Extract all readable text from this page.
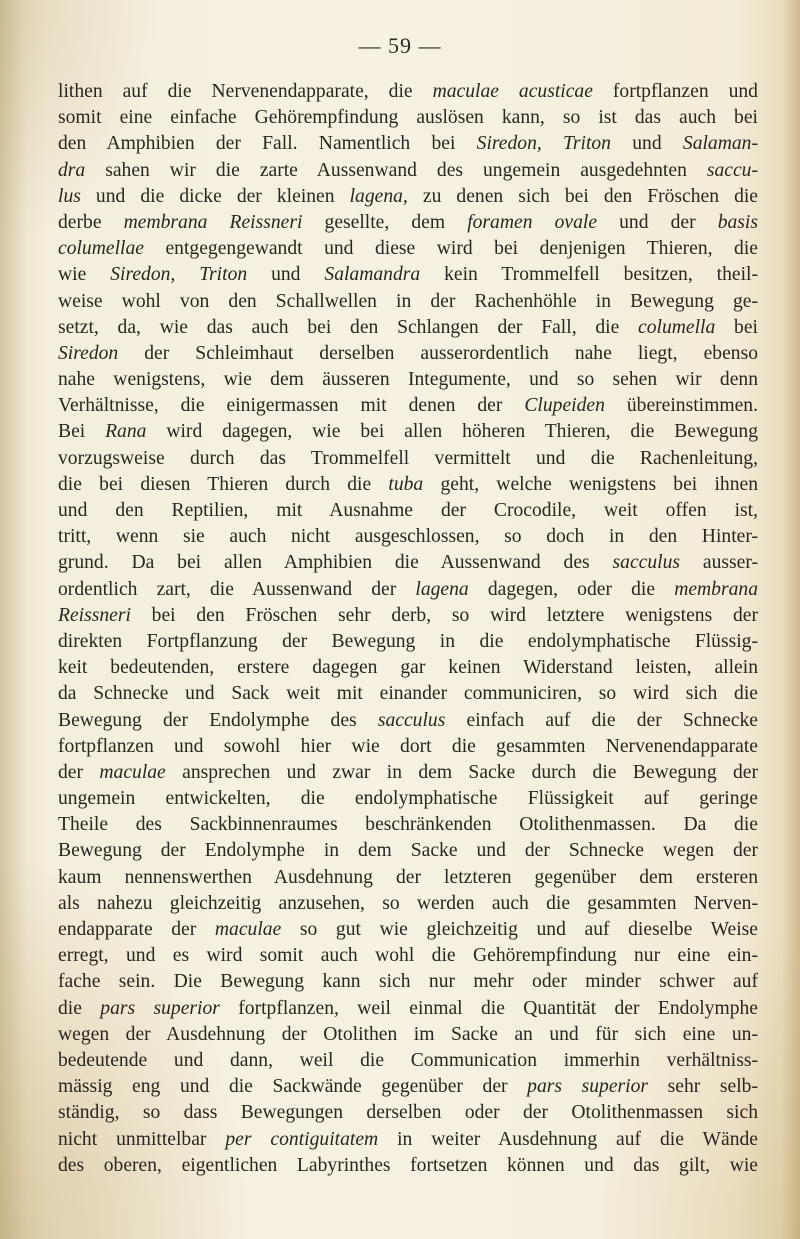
— 59 —
lithen auf die Nervenendapparate, die maculae acusticae fortpflanzen und
somit eine einfache Gehörempfindung auslösen kann, so ist das auch bei
den Amphibien der Fall. Namentlich bei Siredon, Triton und Salaman-
dra sahen wir die zarte Aussenwand des ungemein ausgedehnten saccu-
lus und die dicke der kleinen lagena, zu denen sich bei den Fröschen die
derbe membrana Reissneri gesellte, dem foramen ovale und der basis
columellae entgegengewandt und diese wird bei denjenigen Thieren, die
wie Siredon, Triton und Salamandra kein Trommelfell besitzen, theil-
weise wohl von den Schallwellen in der Rachenhöhle in Bewegung ge-
setzt, da, wie das auch bei den Schlangen der Fall, die columella bei
Siredon der Schleimhaut derselben ausserordentlich nahe liegt, ebenso
nahe wenigstens, wie dem äusseren Integumente, und so sehen wir denn
Verhältnisse, die einigermassen mit denen der Clupeiden übereinstimmen.
Bei Rana wird dagegen, wie bei allen höheren Thieren, die Bewegung
vorzugsweise durch das Trommelfell vermittelt und die Rachenleitung,
die bei diesen Thieren durch die tuba geht, welche wenigstens bei ihnen
und den Reptilien, mit Ausnahme der Crocodile, weit offen ist,
tritt, wenn sie auch nicht ausgeschlossen, so doch in den Hinter-
grund. Da bei allen Amphibien die Aussenwand des sacculus ausser-
ordentlich zart, die Aussenwand der lagena dagegen, oder die membrana
Reissneri bei den Fröschen sehr derb, so wird letztere wenigstens der
direkten Fortpflanzung der Bewegung in die endolymphatische Flüssig-
keit bedeutenden, erstere dagegen gar keinen Widerstand leisten, allein
da Schnecke und Sack weit mit einander communiciren, so wird sich die
Bewegung der Endolymphe des sacculus einfach auf die der Schnecke
fortpflanzen und sowohl hier wie dort die gesammten Nervenendapparate
der maculae ansprechen und zwar in dem Sacke durch die Bewegung der
ungemein entwickelten, die endolymphatische Flüssigkeit auf geringe
Theile des Sackbinnenraumes beschränkenden Otolithenmassen. Da die
Bewegung der Endolymphe in dem Sacke und der Schnecke wegen der
kaum nennenswerthen Ausdehnung der letzteren gegenüber dem ersteren
als nahezu gleichzeitig anzusehen, so werden auch die gesammten Nerven-
endapparate der maculae so gut wie gleichzeitig und auf dieselbe Weise
erregt, und es wird somit auch wohl die Gehörempfindung nur eine ein-
fache sein. Die Bewegung kann sich nur mehr oder minder schwer auf
die pars superior fortpflanzen, weil einmal die Quantität der Endolymphe
wegen der Ausdehnung der Otolithen im Sacke an und für sich eine un-
bedeutende und dann, weil die Communication immerhin verhältniss-
mässig eng und die Sackwände gegenüber der pars superior sehr selb-
ständig, so dass Bewegungen derselben oder der Otolithenmassen sich
nicht unmittelbar per contiguitatem in weiter Ausdehnung auf die Wände
des oberen, eigentlichen Labyrinthes fortsetzen können und das gilt, wie
